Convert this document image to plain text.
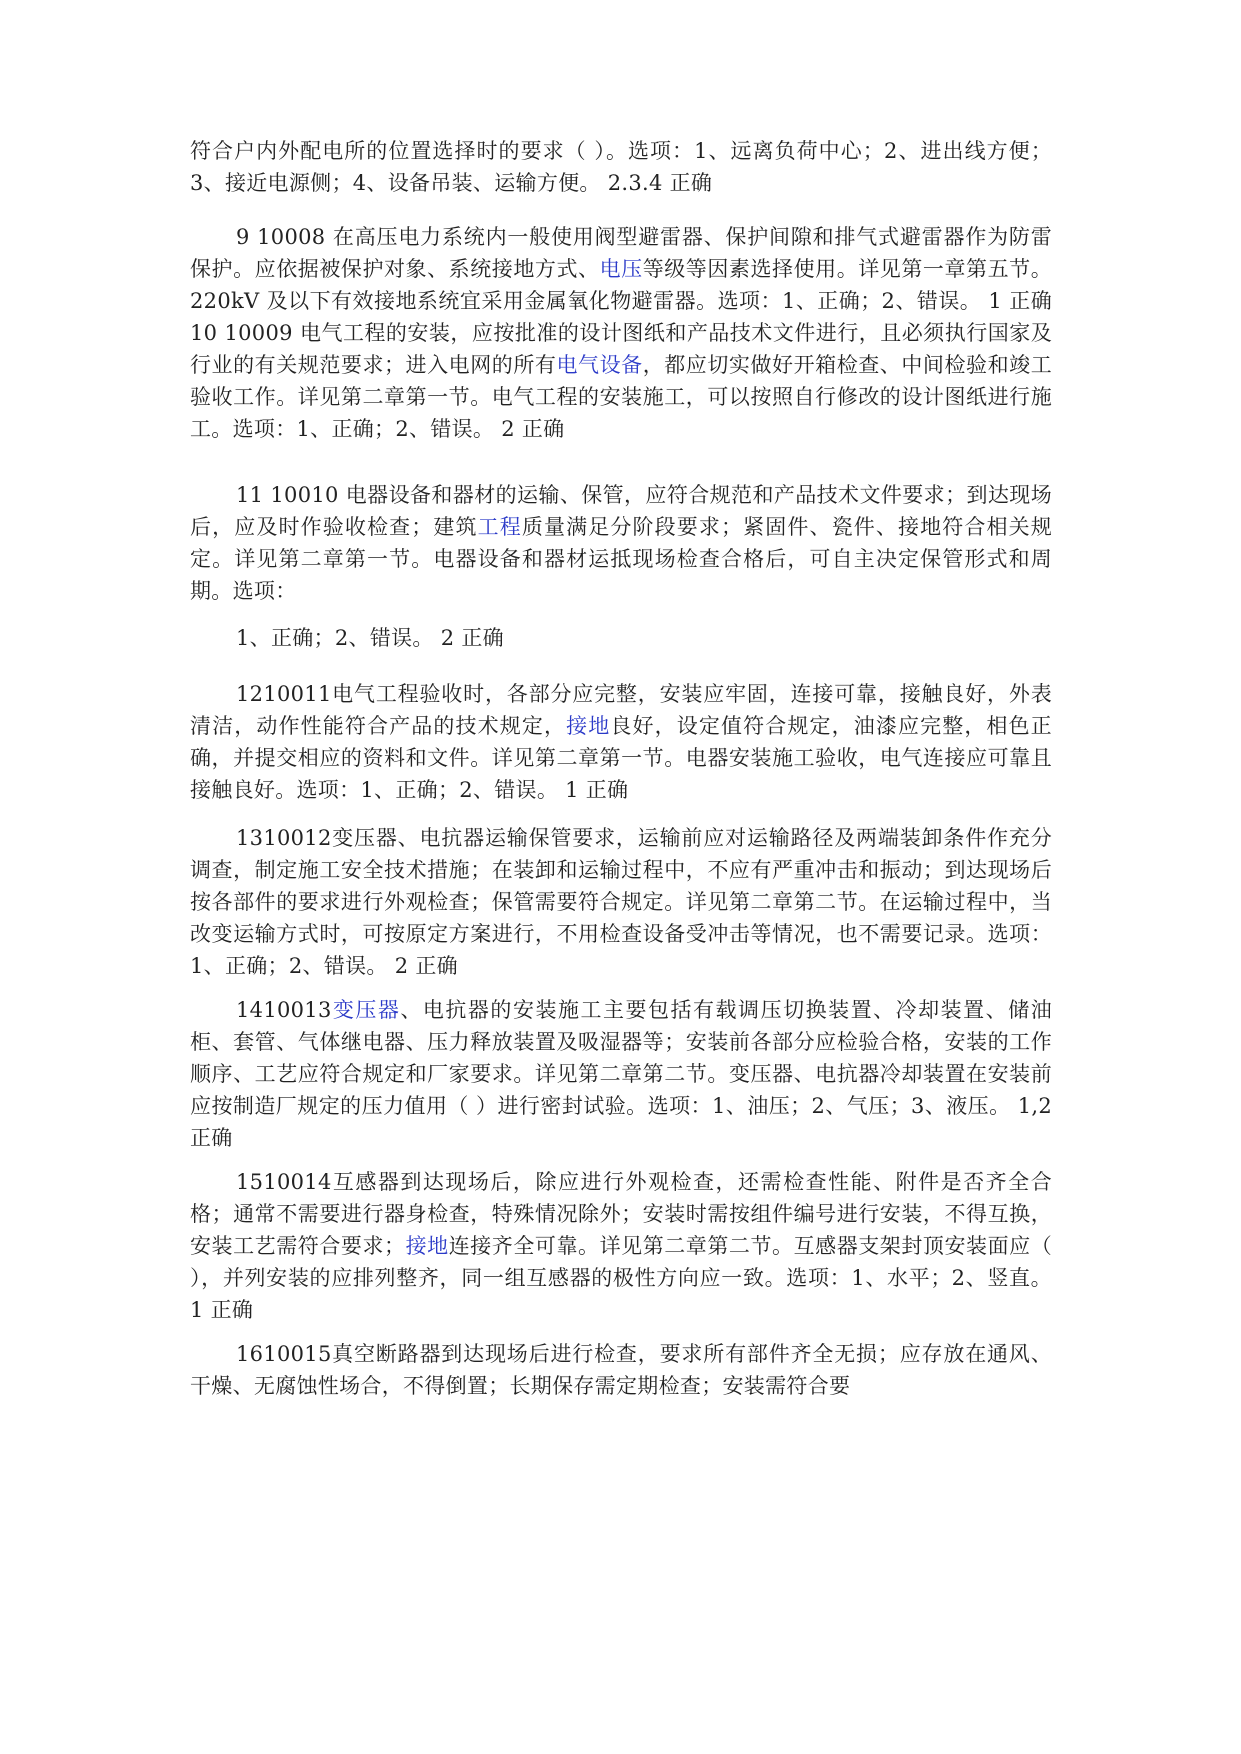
符合户内外配电所的位置选择时的要求（ ）。选项：1、远离负荷中心；2、进出线方便；3、接近电源侧；4、设备吊装、运输方便。 2.3.4 正确

9 10008 在高压电力系统内一般使用阀型避雷器、保护间隙和排气式避雷器作为防雷保护。应依据被保护对象、系统接地方式、电压等级等因素选择使用。详见第一章第五节。220kV 及以下有效接地系统宜采用金属氧化物避雷器。选项：1、正确；2、错误。 1 正确 10 10009 电气工程的安装，应按批准的设计图纸和产品技术文件进行，且必须执行国家及行业的有关规范要求；进入电网的所有电气设备，都应切实做好开箱检查、中间检验和竣工验收工作。详见第二章第一节。电气工程的安装施工，可以按照自行修改的设计图纸进行施工。选项：1、正确；2、错误。 2 正确

11 10010 电器设备和器材的运输、保管，应符合规范和产品技术文件要求；到达现场后，应及时作验收检查；建筑工程质量满足分阶段要求；紧固件、瓷件、接地符合相关规定。详见第二章第一节。电器设备和器材运抵现场检查合格后，可自主决定保管形式和周期。选项：

1、正确；2、错误。 2 正确

1210011电气工程验收时，各部分应完整，安装应牢固，连接可靠，接触良好，外表清洁，动作性能符合产品的技术规定，接地良好，设定值符合规定，油漆应完整，相色正确，并提交相应的资料和文件。详见第二章第一节。电器安装施工验收，电气连接应可靠且接触良好。选项：1、正确；2、错误。 1 正确

1310012变压器、电抗器运输保管要求，运输前应对运输路径及两端装卸条件作充分调查，制定施工安全技术措施；在装卸和运输过程中，不应有严重冲击和振动；到达现场后按各部件的要求进行外观检查；保管需要符合规定。详见第二章第二节。在运输过程中，当改变运输方式时，可按原定方案进行，不用检查设备受冲击等情况，也不需要记录。选项：1、正确；2、错误。 2 正确

1410013变压器、电抗器的安装施工主要包括有载调压切换装置、冷却装置、储油柜、套管、气体继电器、压力释放装置及吸湿器等；安装前各部分应检验合格，安装的工作顺序、工艺应符合规定和厂家要求。详见第二章第二节。变压器、电抗器冷却装置在安装前应按制造厂规定的压力值用（ ）进行密封试验。选项：1、油压；2、气压；3、液压。 1,2 正确

1510014互感器到达现场后，除应进行外观检查，还需检查性能、附件是否齐全合格；通常不需要进行器身检查，特殊情况除外；安装时需按组件编号进行安装，不得互换，安装工艺需符合要求；接地连接齐全可靠。详见第二章第二节。互感器支架封顶安装面应（ ），并列安装的应排列整齐，同一组互感器的极性方向应一致。选项：1、水平；2、竖直。 1 正确

1610015真空断路器到达现场后进行检查，要求所有部件齐全无损；应存放在通风、干燥、无腐蚀性场合，不得倒置；长期保存需定期检查；安装需符合要
